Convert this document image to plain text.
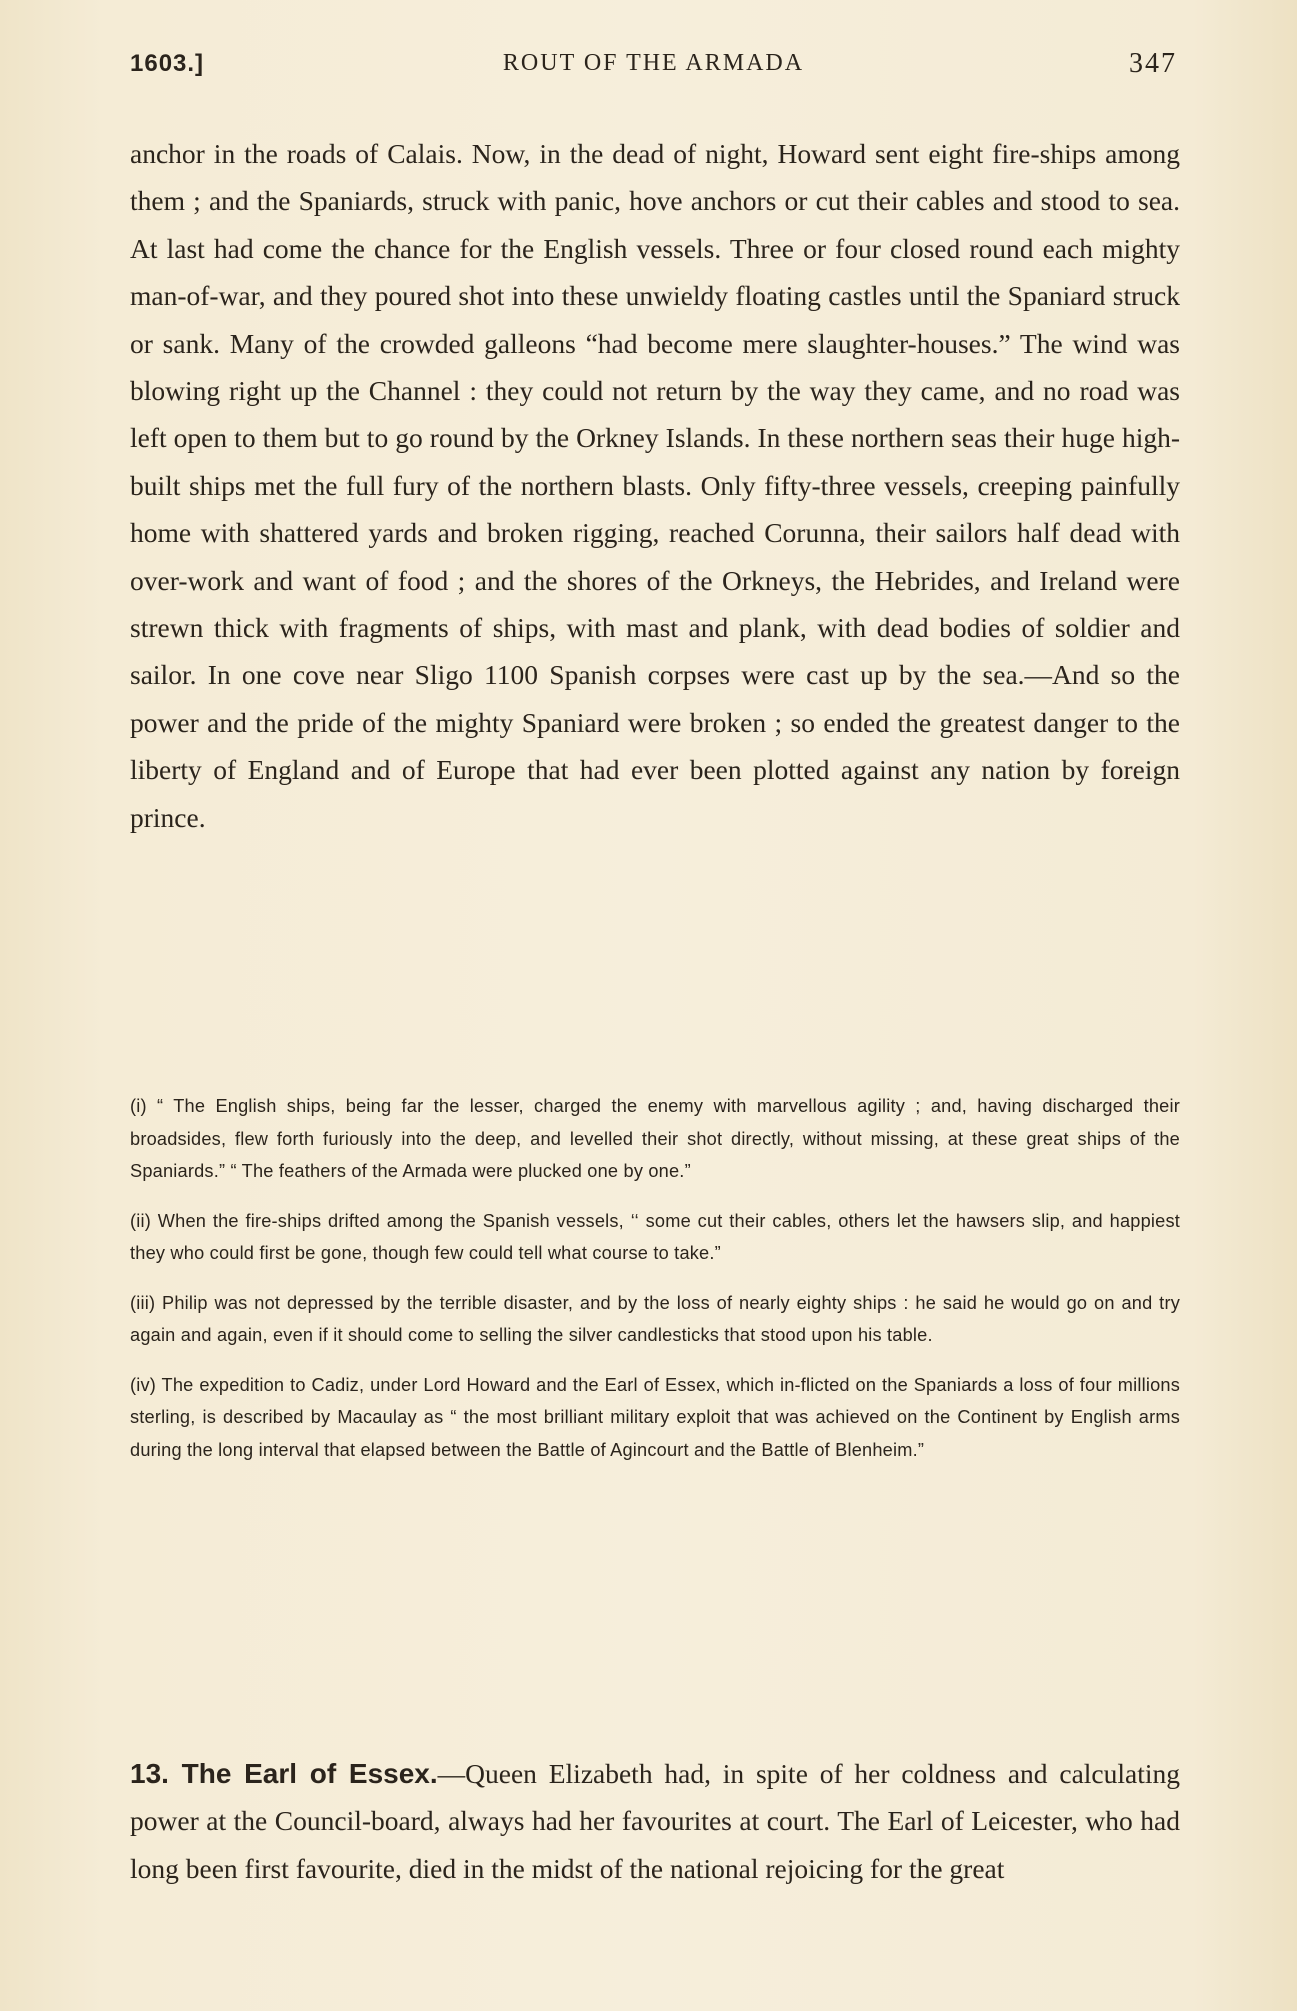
1603.]	ROUT OF THE ARMADA	347

anchor in the roads of Calais. Now, in the dead of night, Howard sent eight fire-ships among them ; and the Spaniards, struck with panic, hove anchors or cut their cables and stood to sea. At last had come the chance for the English vessels. Three or four closed round each mighty man-of-war, and they poured shot into these unwieldy floating castles until the Spaniard struck or sank. Many of the crowded galleons “had become mere slaughter-houses.” The wind was blowing right up the Channel : they could not return by the way they came, and no road was left open to them but to go round by the Orkney Islands. In these northern seas their huge high-built ships met the full fury of the northern blasts. Only fifty-three vessels, creeping painfully home with shattered yards and broken rigging, reached Corunna, their sailors half dead with over-work and want of food ; and the shores of the Orkneys, the Hebrides, and Ireland were strewn thick with fragments of ships, with mast and plank, with dead bodies of soldier and sailor. In one cove near Sligo 1100 Spanish corpses were cast up by the sea.—And so the power and the pride of the mighty Spaniard were broken ; so ended the greatest danger to the liberty of England and of Europe that had ever been plotted against any nation by foreign prince.

(i) “ The English ships, being far the lesser, charged the enemy with marvellous agility ; and, having discharged their broadsides, flew forth furiously into the deep, and levelled their shot directly, without missing, at these great ships of the Spaniards.” “ The feathers of the Armada were plucked one by one.”

(ii) When the fire-ships drifted among the Spanish vessels, ‘‘ some cut their cables, others let the hawsers slip, and happiest they who could first be gone, though few could tell what course to take.”

(iii) Philip was not depressed by the terrible disaster, and by the loss of nearly eighty ships : he said he would go on and try again and again, even if it should come to selling the silver candlesticks that stood upon his table.

(iv) The expedition to Cadiz, under Lord Howard and the Earl of Essex, which in-flicted on the Spaniards a loss of four millions sterling, is described by Macaulay as “ the most brilliant military exploit that was achieved on the Continent by English arms during the long interval that elapsed between the Battle of Agincourt and the Battle of Blenheim.”

13. The Earl of Essex.—Queen Elizabeth had, in spite of her coldness and calculating power at the Council-board, always had her favourites at court. The Earl of Leicester, who had long been first favourite, died in the midst of the national rejoicing for the great
